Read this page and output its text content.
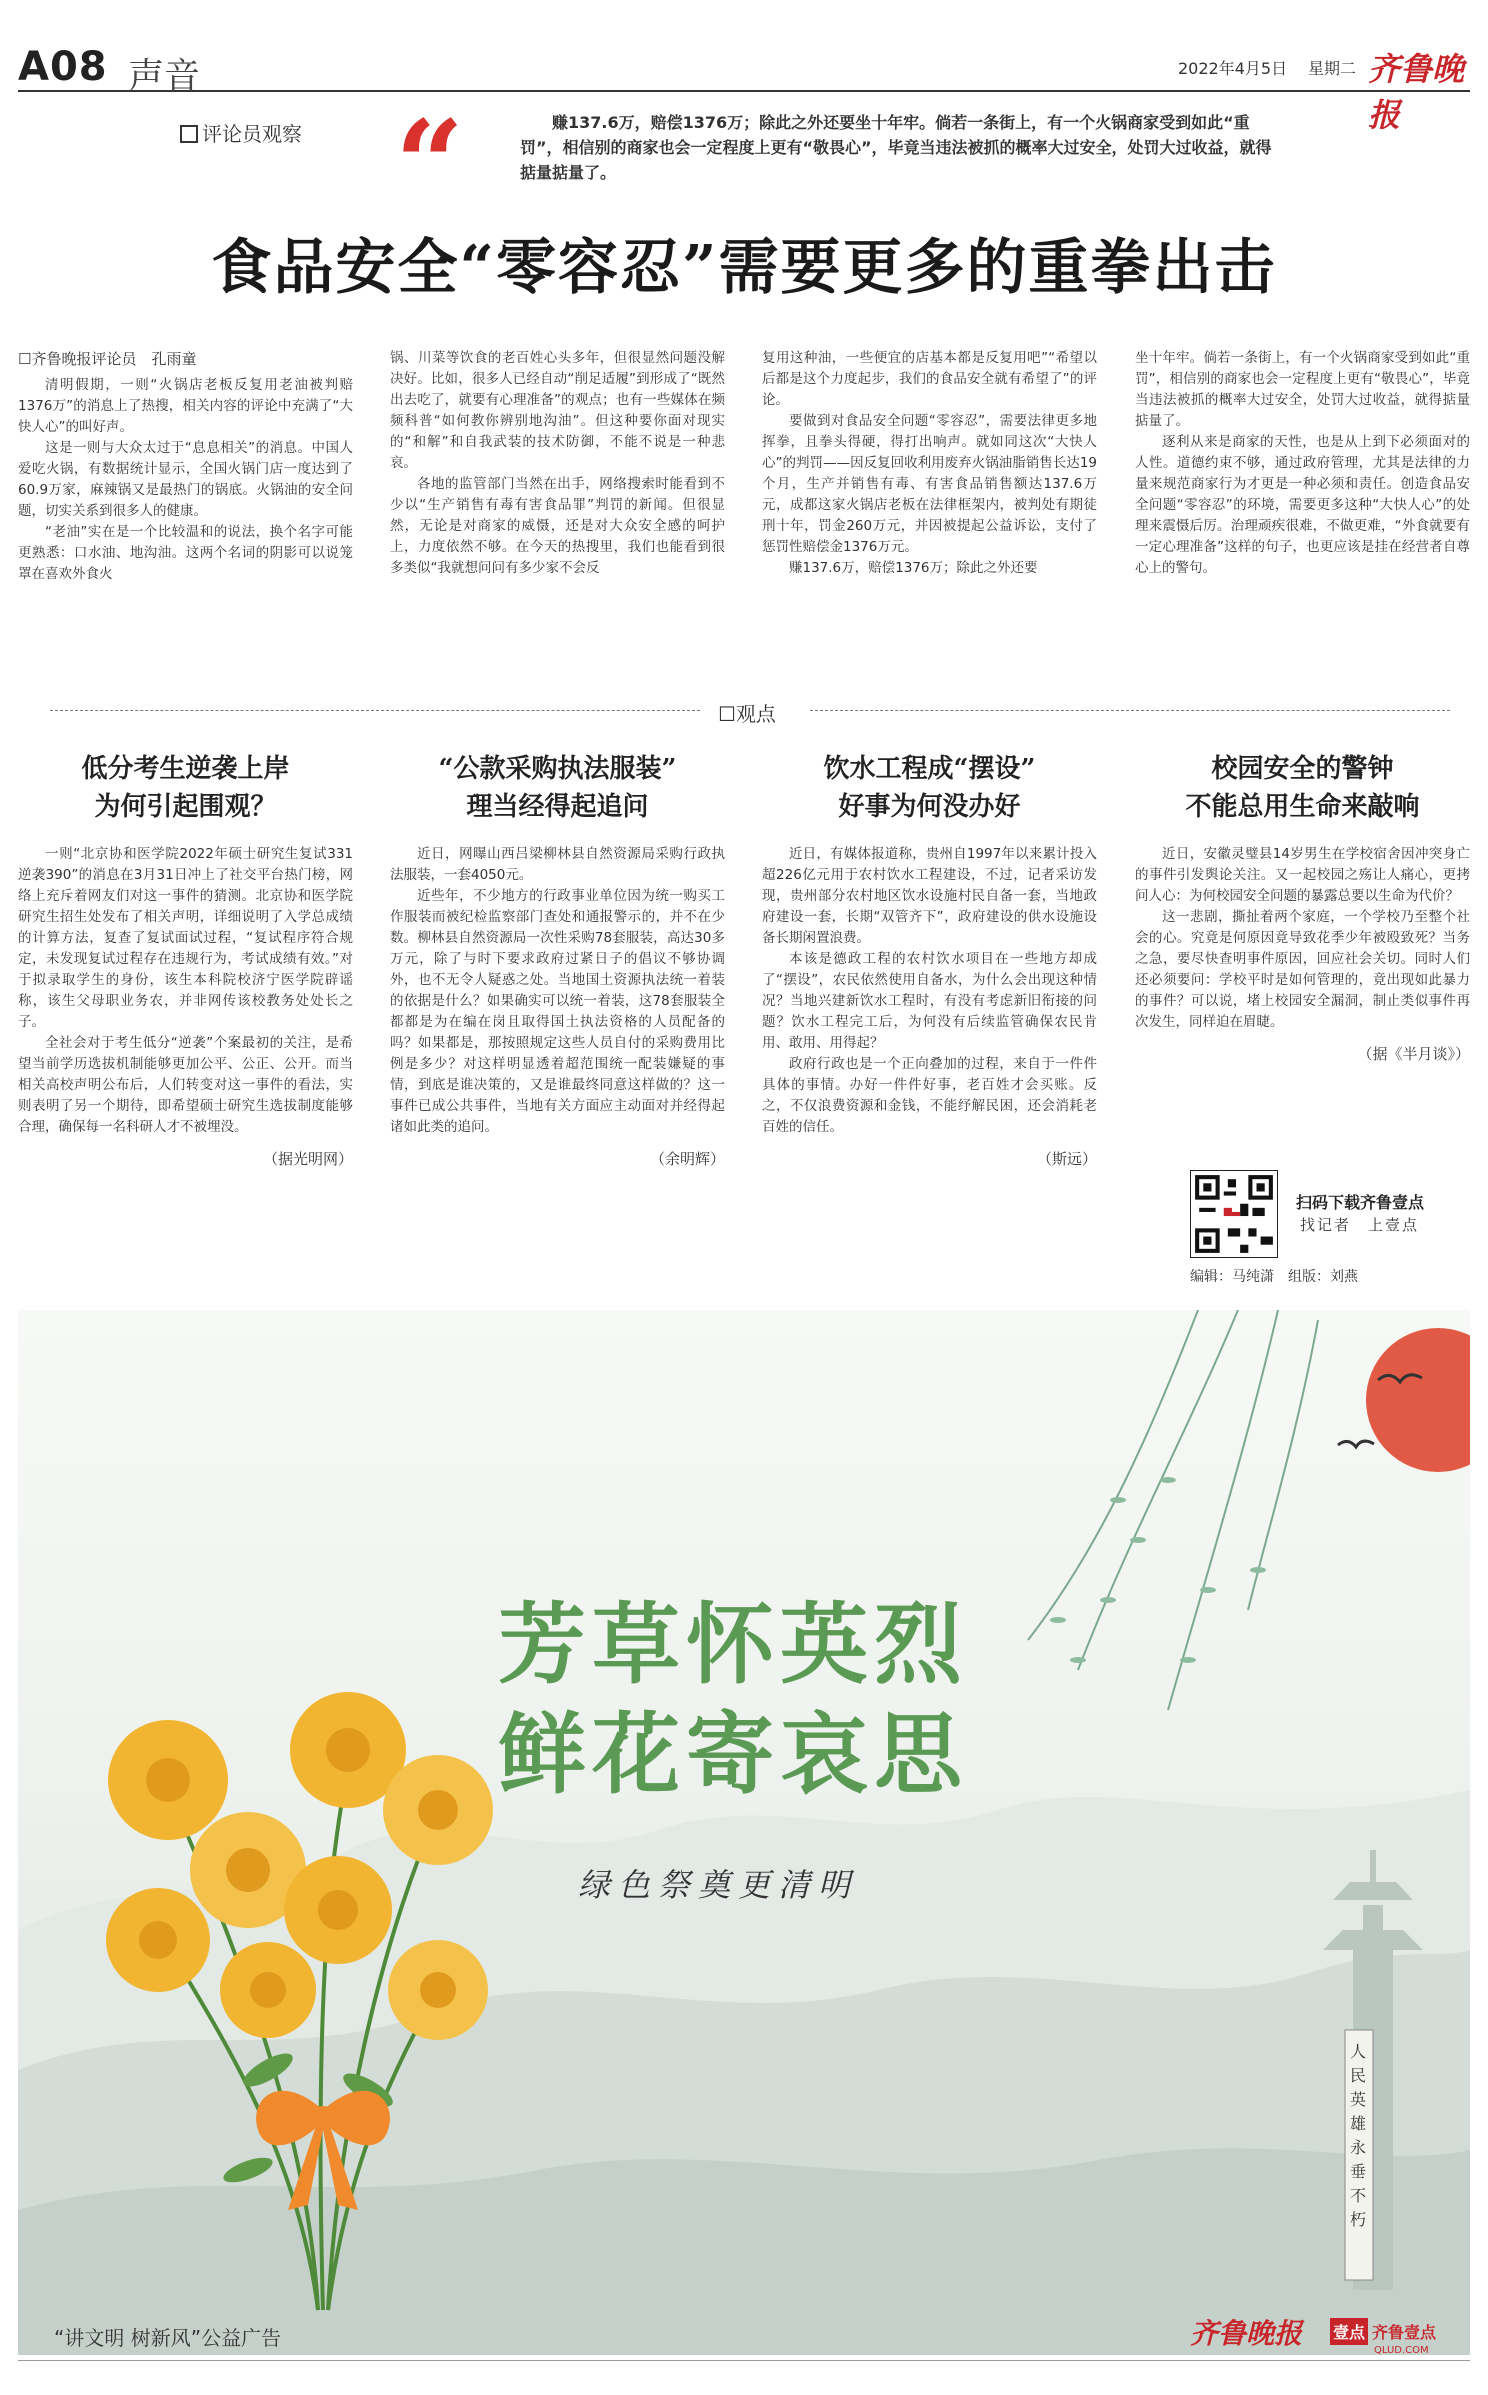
A08 声音	2022年4月5日 星期二 齐鲁晚报
评论员观察 “	赚137.6万，赔偿1376万；除此之外还要坐十年牢。倘若一条街上，有一个火锅商家受到如此“重罚”，相信别的商家也会一定程度上更有“敬畏心”，毕竟当违法被抓的概率大过安全，处罚大过收益，就得掂量掂量了。
食品安全“零容忍”需要更多的重拳出击
☐齐鲁晚报评论员　孔雨童

清明假期，一则“火锅店老板反复用老油被判赔1376万”的消息上了热搜，相关内容的评论中充满了“大快人心”的叫好声。

这是一则与大众太过于“息息相关”的消息。中国人爱吃火锅，有数据统计显示，全国火锅门店一度达到了60.9万家，麻辣锅又是最热门的锅底。火锅油的安全问题，切实关系到很多人的健康。

“老油”实在是一个比较温和的说法，换个名字可能更熟悉：口水油、地沟油。这两个名词的阴影可以说笼罩在喜欢外食火

锅、川菜等饮食的老百姓心头多年，但很显然问题没解决好。比如，很多人已经自动“削足适履”到形成了“既然出去吃了，就要有心理准备”的观点；也有一些媒体在频频科普“如何教你辨别地沟油”。但这种要你面对现实的“和解”和自我武装的技术防御，不能不说是一种悲哀。

各地的监管部门当然在出手，网络搜索时能看到不少以“生产销售有毒有害食品罪”判罚的新闻。但很显然，无论是对商家的威慑，还是对大众安全感的呵护上，力度依然不够。在今天的热搜里，我们也能看到很多类似“我就想问问有多少家不会反

复用这种油，一些便宜的店基本都是反复用吧”“希望以后都是这个力度起步，我们的食品安全就有希望了”的评论。

要做到对食品安全问题“零容忍”，需要法律更多地挥拳，且拳头得硬，得打出响声。就如同这次“大快人心”的判罚——因反复回收利用废弃火锅油脂销售长达19个月，生产并销售有毒、有害食品销售额达137.6万元，成都这家火锅店老板在法律框架内，被判处有期徒刑十年，罚金260万元，并因被提起公益诉讼，支付了惩罚性赔偿金1376万元。

赚137.6万，赔偿1376万；除此之外还要

坐十年牢。倘若一条街上，有一个火锅商家受到如此“重罚”，相信别的商家也会一定程度上更有“敬畏心”，毕竟当违法被抓的概率大过安全，处罚大过收益，就得掂量掂量了。

逐利从来是商家的天性，也是从上到下必须面对的人性。道德约束不够，通过政府管理，尤其是法律的力量来规范商家行为才更是一种必须和责任。创造食品安全问题“零容忍”的环境，需要更多这种“大快人心”的处理来震慑后厉。治理顽疾很难，不做更难，“外食就要有一定心理准备”这样的句子，也更应该是挂在经营者自尊心上的警句。

☐观点
低分考生逆袭上岸
为何引起围观？

一则“北京协和医学院2022年硕士研究生复试331逆袭390”的消息在3月31日冲上了社交平台热门榜，网络上充斥着网友们对这一事件的猜测。北京协和医学院研究生招生处发布了相关声明，详细说明了入学总成绩的计算方法，复查了复试面试过程，“复试程序符合规定，未发现复试过程存在违规行为，考试成绩有效。”对于拟录取学生的身份，该生本科院校济宁医学院辟谣称，该生父母职业务农，并非网传该校教务处处长之子。

全社会对于考生低分“逆袭”个案最初的关注，是希望当前学历选拔机制能够更加公平、公正、公开。而当相关高校声明公布后，人们转变对这一事件的看法，实则表明了另一个期待，即希望硕士研究生选拔制度能够合理，确保每一名科研人才不被埋没。

（据光明网）
“公款采购执法服装”
理当经得起追问

近日，网曝山西吕梁柳林县自然资源局采购行政执法服装，一套4050元。

近些年，不少地方的行政事业单位因为统一购买工作服装而被纪检监察部门查处和通报警示的，并不在少数。柳林县自然资源局一次性采购78套服装，高达30多万元，除了与时下要求政府过紧日子的倡议不够协调外，也不无令人疑惑之处。当地国土资源执法统一着装的依据是什么？如果确实可以统一着装，这78套服装全都都是为在编在岗且取得国土执法资格的人员配备的吗？如果都是，那按照规定这些人员自付的采购费用比例是多少？对这样明显透着超范围统一配装嫌疑的事情，到底是谁决策的，又是谁最终同意这样做的？这一事件已成公共事件，当地有关方面应主动面对并经得起诸如此类的追问。

（余明辉）
饮水工程成“摆设”
好事为何没办好

近日，有媒体报道称，贵州自1997年以来累计投入超226亿元用于农村饮水工程建设，不过，记者采访发现，贵州部分农村地区饮水设施村民自备一套，当地政府建设一套，长期“双管齐下”，政府建设的供水设施设备长期闲置浪费。

本该是德政工程的农村饮水项目在一些地方却成了“摆设”，农民依然使用自备水，为什么会出现这种情况？当地兴建新饮水工程时，有没有考虑新旧衔接的问题？饮水工程完工后，为何没有后续监管确保农民肯用、敢用、用得起？

政府行政也是一个正向叠加的过程，来自于一件件具体的事情。办好一件件好事，老百姓才会买账。反之，不仅浪费资源和金钱，不能纾解民困，还会消耗老百姓的信任。

（斯远）
校园安全的警钟
不能总用生命来敲响

近日，安徽灵璧县14岁男生在学校宿舍因冲突身亡的事件引发舆论关注。又一起校园之殇让人痛心，更拷问人心：为何校园安全问题的暴露总要以生命为代价？

这一悲剧，撕扯着两个家庭，一个学校乃至整个社会的心。究竟是何原因竟导致花季少年被殴致死？当务之急，要尽快查明事件原因，回应社会关切。同时人们还必须要问：学校平时是如何管理的，竟出现如此暴力的事件？可以说，堵上校园安全漏洞，制止类似事件再次发生，同样迫在眉睫。

（据《半月谈》）
扫码下载齐鲁壹点
找记者　上壹点
编辑：马纯潇　组版：刘燕
芳草怀英烈
鲜花寄哀思
绿色祭奠更清明
人民英雄永垂不朽
“讲文明 树新风”公益广告	齐鲁晚报 壹点 齐鲁壹点
QLUD.COM
